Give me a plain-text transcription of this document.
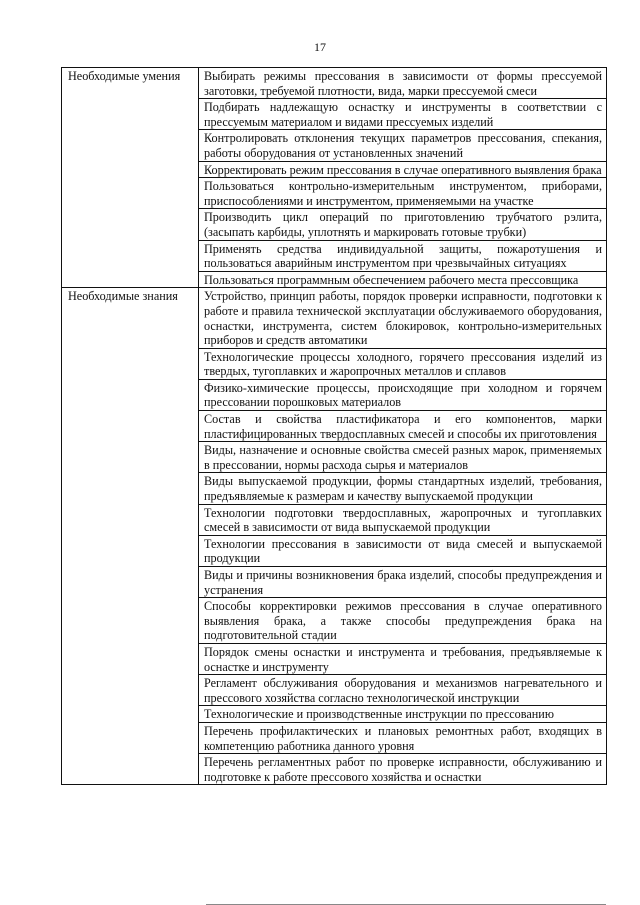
17
Необходимые умения	Выбирать режимы прессования в зависимости от формы прессуемой заготовки, требуемой плотности, вида, марки прессуемой смеси
	Подбирать надлежащую оснастку и инструменты в соответствии с прессуемым материалом и видами прессуемых изделий
	Контролировать отклонения текущих параметров прессования, спекания, работы оборудования от установленных значений
	Корректировать режим прессования в случае оперативного выявления брака
	Пользоваться контрольно-измерительным инструментом, приборами, приспособлениями и инструментом, применяемыми на участке
	Производить цикл операций по приготовлению трубчатого рэлита, (засыпать карбиды, уплотнять и маркировать готовые трубки)
	Применять средства индивидуальной защиты, пожаротушения и пользоваться аварийным инструментом при чрезвычайных ситуациях
	Пользоваться программным обеспечением рабочего места прессовщика
Необходимые знания	Устройство, принцип работы, порядок проверки исправности, подготовки к работе и правила технической эксплуатации обслуживаемого оборудования, оснастки, инструмента, систем блокировок, контрольно-измерительных приборов и средств автоматики
	Технологические процессы холодного, горячего прессования изделий из твердых, тугоплавких и жаропрочных металлов и сплавов
	Физико-химические процессы, происходящие при холодном и горячем прессовании порошковых материалов
	Состав и свойства пластификатора и его компонентов, марки пластифицированных твердосплавных смесей и способы их приготовления
	Виды, назначение и основные свойства смесей разных марок, применяемых в прессовании, нормы расхода сырья и материалов
	Виды выпускаемой продукции, формы стандартных изделий, требования, предъявляемые к размерам и качеству выпускаемой продукции
	Технологии подготовки твердосплавных, жаропрочных и тугоплавких смесей в зависимости от вида выпускаемой продукции
	Технологии прессования в зависимости от вида смесей и выпускаемой продукции
	Виды и причины возникновения брака изделий, способы предупреждения и устранения
	Способы корректировки режимов прессования в случае оперативного выявления брака, а также способы предупреждения брака на подготовительной стадии
	Порядок смены оснастки и инструмента и требования, предъявляемые к оснастке и инструменту
	Регламент обслуживания оборудования и механизмов нагревательного и прессового хозяйства согласно технологической инструкции
	Технологические и производственные инструкции по прессованию
	Перечень профилактических и плановых ремонтных работ, входящих в компетенцию работника данного уровня
	Перечень регламентных работ по проверке исправности, обслуживанию и подготовке к работе прессового хозяйства и оснастки
